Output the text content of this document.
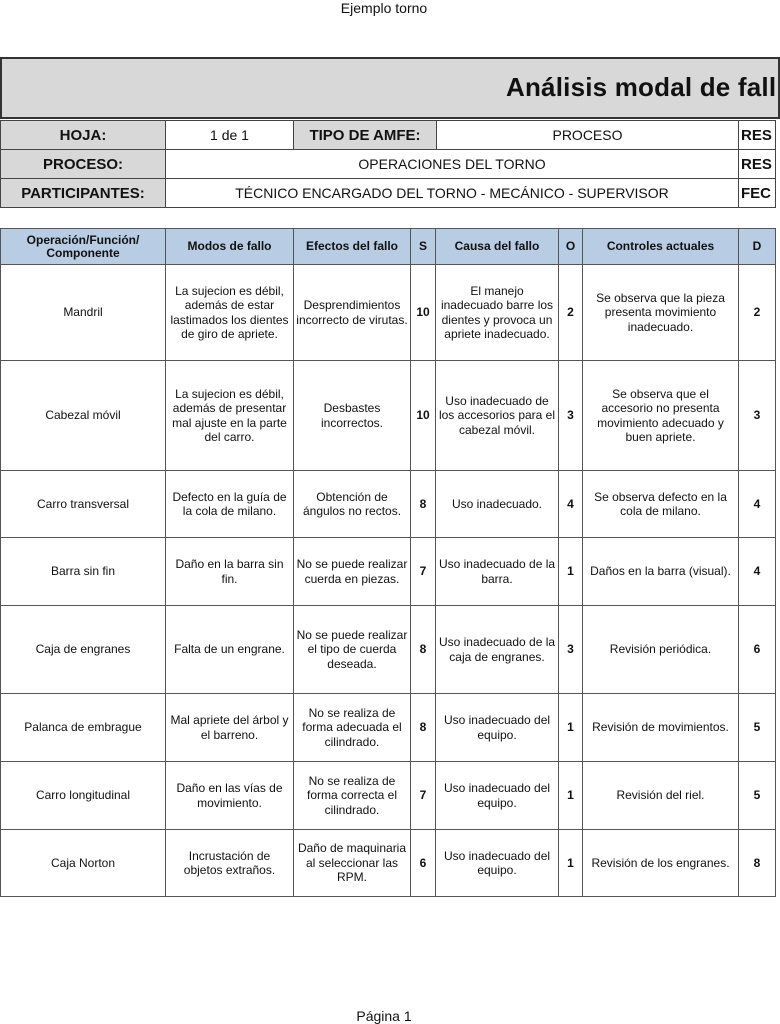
Ejemplo torno
Análisis modal de fall
HOJA:	1 de 1	TIPO DE AMFE:	PROCESO	RES
PROCESO:	OPERACIONES DEL TORNO			RES
PARTICIPANTES:	TÉCNICO ENCARGADO DEL TORNO - MECÁNICO - SUPERVISOR			FEC
Operación/Función/ Componente	Modos de fallo	Efectos del fallo	S	Causa del fallo	O	Controles actuales	D
Mandril	La sujecion es débil, además de estar lastimados los dientes de giro de apriete.	Desprendimientos incorrecto de virutas.	10	El manejo inadecuado barre los dientes y provoca un apriete inadecuado.	2	Se observa que la pieza presenta movimiento inadecuado.	2
Cabezal móvil	La sujecion es débil, además de presentar mal ajuste en la parte del carro.	Desbastes incorrectos.	10	Uso inadecuado de los accesorios para el cabezal móvil.	3	Se observa que el accesorio no presenta movimiento adecuado y buen apriete.	3
Carro transversal	Defecto en la guía de la cola de milano.	Obtención de ángulos no rectos.	8	Uso inadecuado.	4	Se observa defecto en la cola de milano.	4
Barra sin fin	Daño en la barra sin fin.	No se puede realizar cuerda en piezas.	7	Uso inadecuado de la barra.	1	Daños en la barra (visual).	4
Caja de engranes	Falta de un engrane.	No se puede realizar el tipo de cuerda deseada.	8	Uso inadecuado de la caja de engranes.	3	Revisión periódica.	6
Palanca de embrague	Mal apriete del árbol y el barreno.	No se realiza de forma adecuada el cilindrado.	8	Uso inadecuado del equipo.	1	Revisión de movimientos.	5
Carro longitudinal	Daño en las vías de movimiento.	No se realiza de forma correcta el cilindrado.	7	Uso inadecuado del equipo.	1	Revisión del riel.	5
Caja Norton	Incrustación de objetos extraños.	Daño de maquinaria al seleccionar las RPM.	6	Uso inadecuado del equipo.	1	Revisión de los engranes.	8
Página 1
